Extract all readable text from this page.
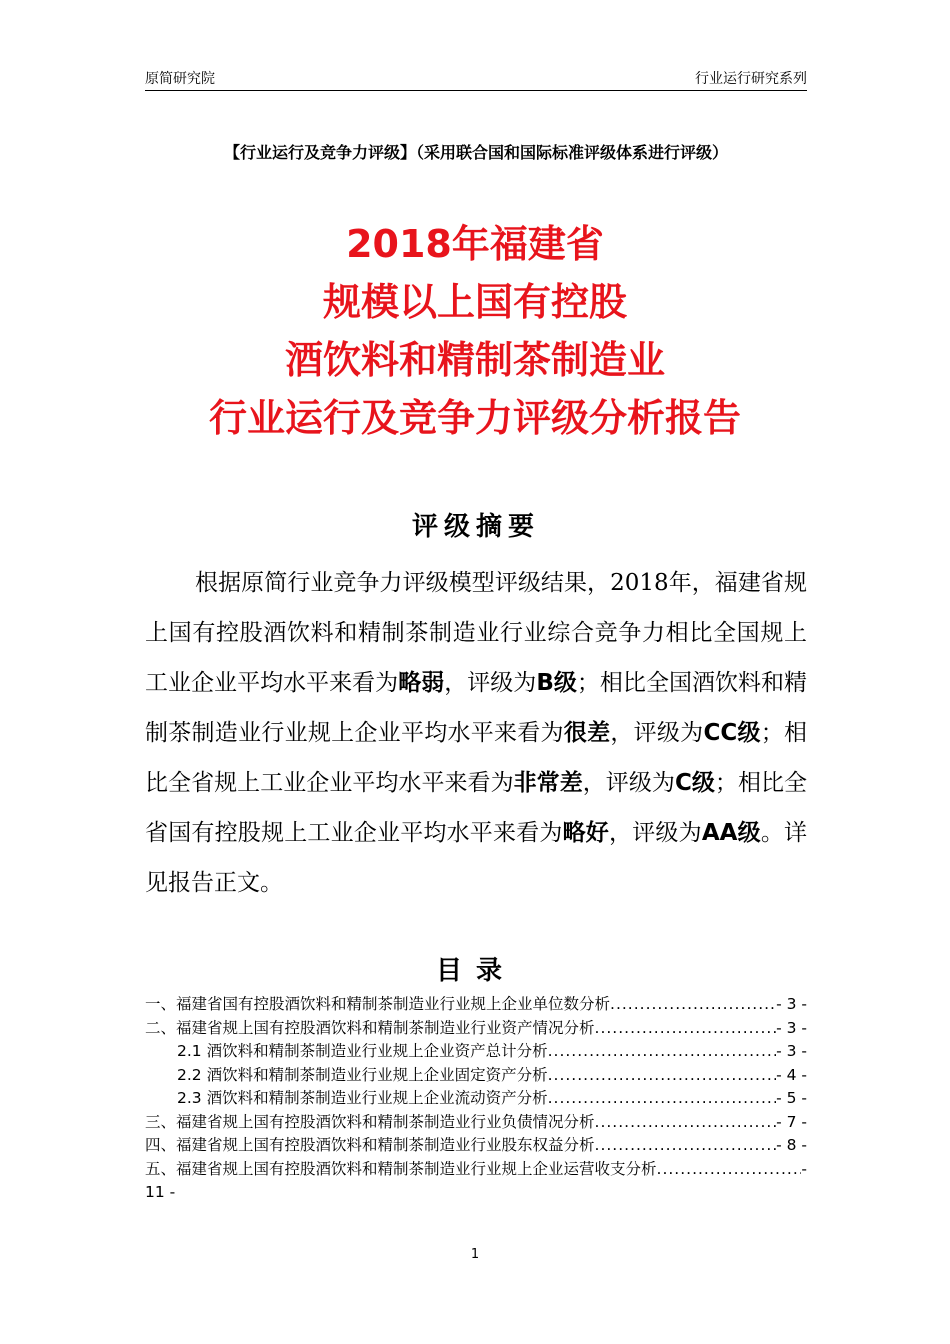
原简研究院	行业运行研究系列
【行业运行及竞争力评级】（采用联合国和国际标准评级体系进行评级）
2018年福建省
规模以上国有控股
酒饮料和精制茶制造业
行业运行及竞争力评级分析报告
评级摘要
根据原简行业竞争力评级模型评级结果，2018年，福建省规上国有控股酒饮料和精制茶制造业行业综合竞争力相比全国规上工业企业平均水平来看为略弱，评级为B级；相比全国酒饮料和精制茶制造业行业规上企业平均水平来看为很差，评级为CC级；相比全省规上工业企业平均水平来看为非常差，评级为C级；相比全省国有控股规上工业企业平均水平来看为略好，评级为AA级。详见报告正文。
目录
一、福建省国有控股酒饮料和精制茶制造业行业规上企业单位数分析 .....	- 3 -
二、福建省规上国有控股酒饮料和精制茶制造业行业资产情况分析 .....	- 3 -
2.1 酒饮料和精制茶制造业行业规上企业资产总计分析 .....	- 3 -
2.2 酒饮料和精制茶制造业行业规上企业固定资产分析 .....	- 4 -
2.3 酒饮料和精制茶制造业行业规上企业流动资产分析 .....	- 5 -
三、福建省规上国有控股酒饮料和精制茶制造业行业负债情况分析 .....	- 7 -
四、福建省规上国有控股酒饮料和精制茶制造业行业股东权益分析 .....	- 8 -
五、福建省规上国有控股酒饮料和精制茶制造业行业规上企业运营收支分析 .....	-
11 -
1
